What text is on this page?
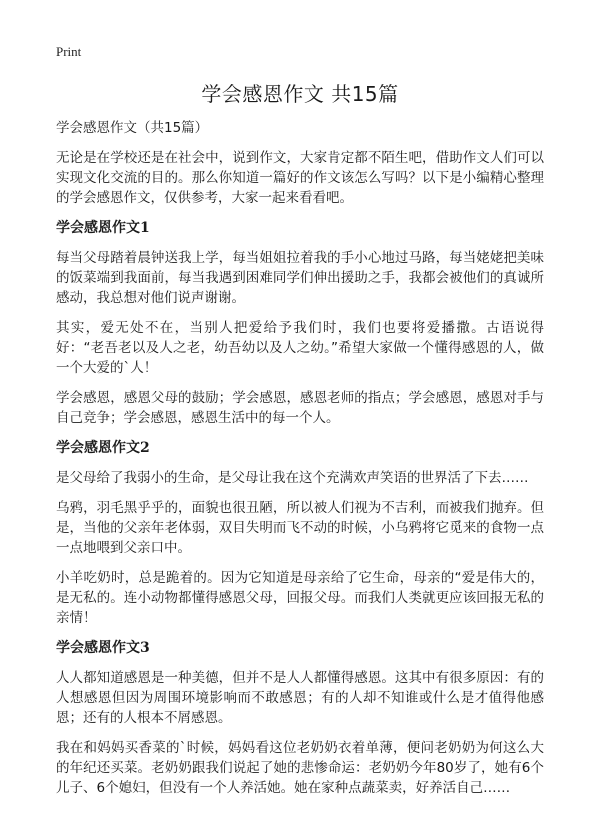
Print
学会感恩作文 共15篇
学会感恩作文（共15篇）

无论是在学校还是在社会中，说到作文，大家肯定都不陌生吧，借助作文人们可以实现文化交流的目的。那么你知道一篇好的作文该怎么写吗？以下是小编精心整理的学会感恩作文，仅供参考，大家一起来看看吧。

学会感恩作文1

每当父母踏着晨钟送我上学，每当姐姐拉着我的手小心地过马路，每当姥姥把美味的饭菜端到我面前，每当我遇到困难同学们伸出援助之手，我都会被他们的真诚所感动，我总想对他们说声谢谢。

其实，爱无处不在，当别人把爱给予我们时，我们也要将爱播撒。古语说得好：“老吾老以及人之老，幼吾幼以及人之幼。”希望大家做一个懂得感恩的人，做一个大爱的`人！

学会感恩，感恩父母的鼓励；学会感恩，感恩老师的指点；学会感恩，感恩对手与自己竞争；学会感恩，感恩生活中的每一个人。

学会感恩作文2

是父母给了我弱小的生命，是父母让我在这个充满欢声笑语的世界活了下去……

乌鸦，羽毛黑乎乎的，面貌也很丑陋，所以被人们视为不吉利，而被我们抛弃。但是，当他的父亲年老体弱，双目失明而飞不动的时候，小乌鸦将它觅来的食物一点一点地喂到父亲口中。

小羊吃奶时，总是跪着的。因为它知道是母亲给了它生命，母亲的“爱是伟大的，是无私的。连小动物都懂得感恩父母，回报父母。而我们人类就更应该回报无私的亲情！

学会感恩作文3

人人都知道感恩是一种美德，但并不是人人都懂得感恩。这其中有很多原因：有的人想感恩但因为周围环境影响而不敢感恩；有的人却不知谁或什么是才值得他感恩；还有的人根本不屑感恩。

我在和妈妈买香菜的`时候，妈妈看这位老奶奶衣着单薄，便问老奶奶为何这么大的年纪还买菜。老奶奶跟我们说起了她的悲惨命运：老奶奶今年80岁了，她有6个儿子、6个媳妇，但没有一个人养活她。她在家种点蔬菜卖，好养活自己……
